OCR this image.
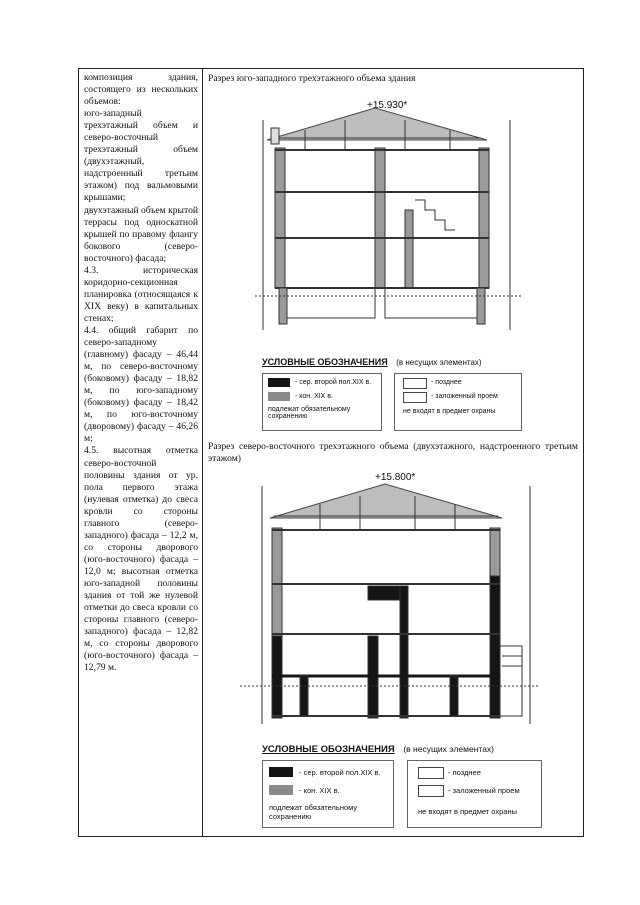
композиция здания, состоящего из нескольких объемов:

юго-западный трехэтажный объем и северо-восточный трехэтажный объем (двухэтажный, надстроенный третьим этажом) под вальмовыми крышами;

двухэтажный объем крытой террасы под односкатной крышей по правому флангу бокового (северо-восточного) фасада;

4.3. историческая коридорно-секционная планировка (относящаяся к XIX веку) в капитальных стенах;

4.4. общий габарит по северо-западному (главному) фасаду – 46,44 м, по северо-восточному (боковому) фасаду – 18,82 м, по юго-западному (боковому) фасаду – 18,42 м, по юго-восточному (дворовому) фасаду – 46,26 м;

4.5. высотная отметка северо-восточной половины здания от ур. пола первого этажа (нулевая отметка) до свеса кровли со стороны главного (северо-западного) фасада – 12,2 м, со стороны дворового (юго-восточного) фасада – 12,0 м; высотная отметка юго-западной половины здания от той же нулевой отметки до свеса кровли со стороны главного (северо-западного) фасада – 12,82 м, со стороны дворового (юго-восточного) фасада – 12,79 м.

Разрез юго-западного трехэтажного объема здания

+15.930*
УСЛОВНЫЕ ОБОЗНАЧЕНИЯ (в несущих элементах)
- сер. второй пол.XIX в.
- кон. XIX в.
подлежат обязательному сохранению
- позднее
- заложенный проем
не входят в предмет охраны

Разрез северо-восточного трехэтажного объема (двухэтажного, надстроенного третьим этажом)

+15.800*
УСЛОВНЫЕ ОБОЗНАЧЕНИЯ (в несущих элементах)
- сер. второй пол.XIX в.
- кон. XIX в.
подлежат обязательному сохранению
- позднее
- заложенный проем
не входят в предмет охраны
